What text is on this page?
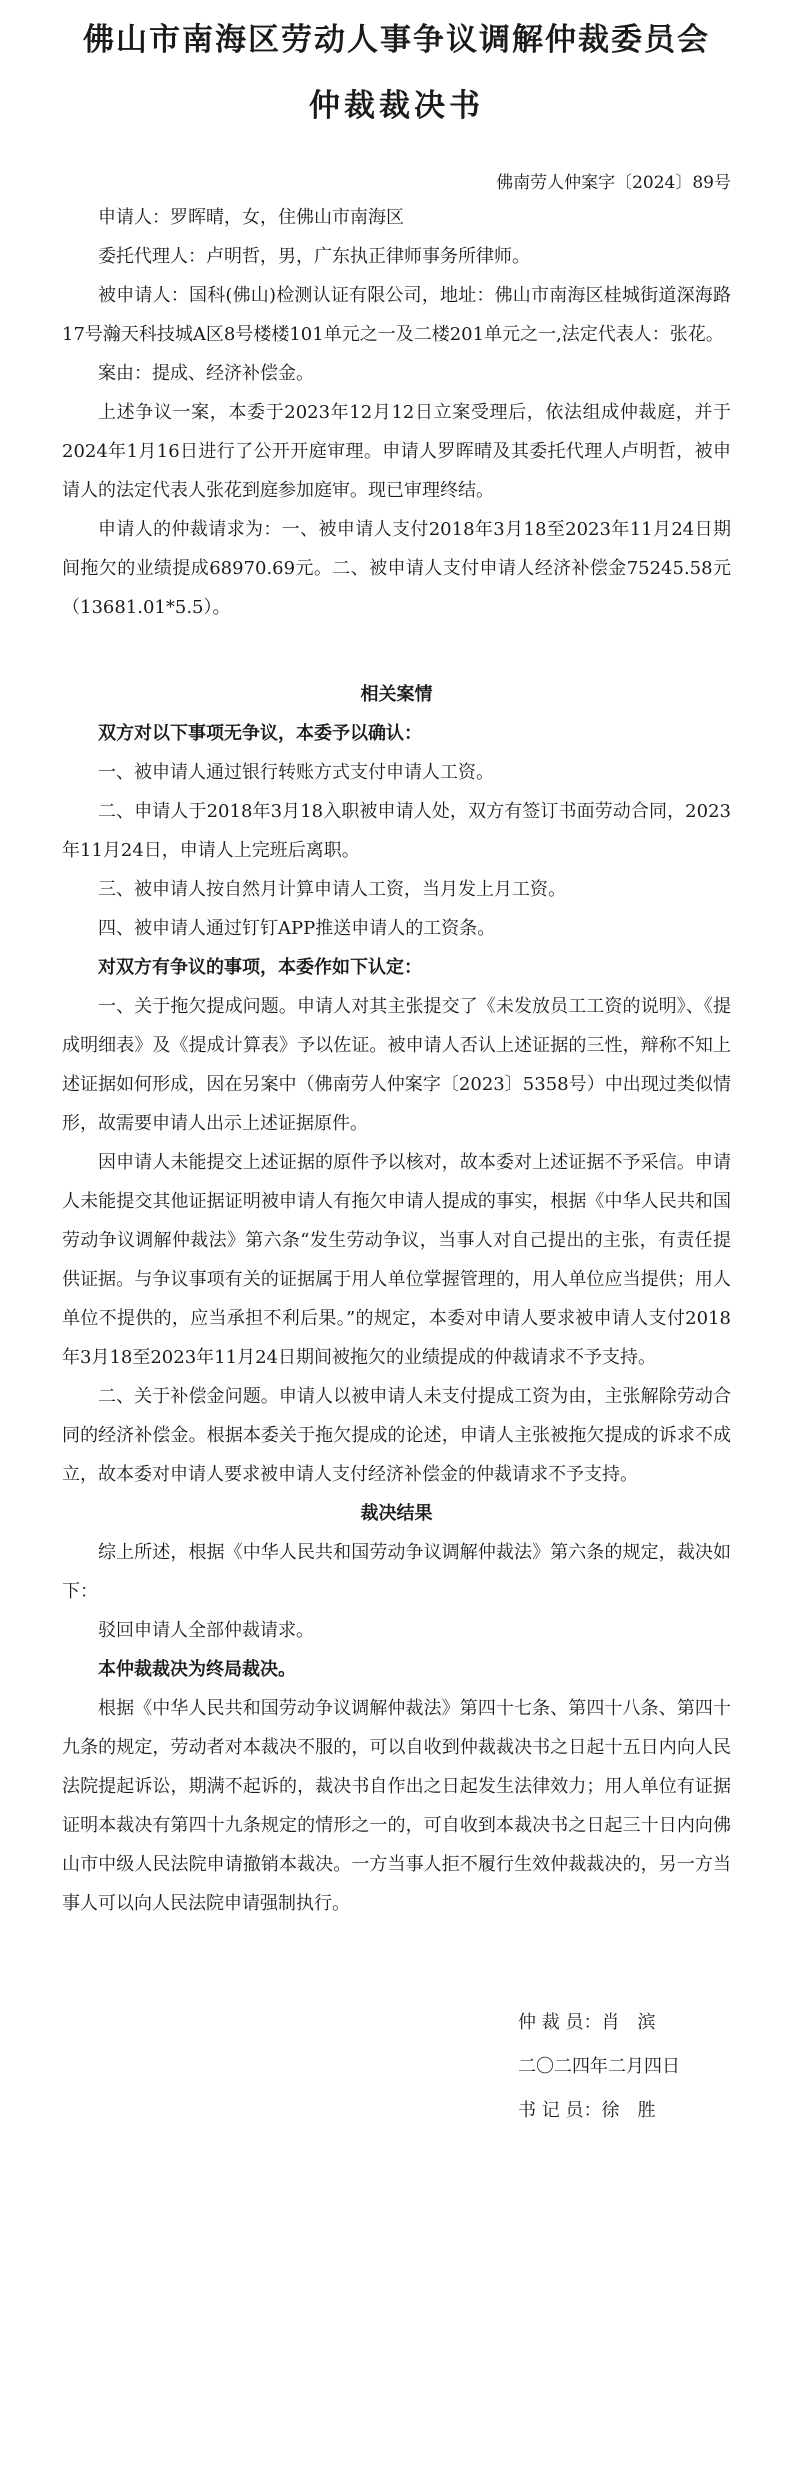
佛山市南海区劳动人事争议调解仲裁委员会
仲裁裁决书
佛南劳人仲案字〔2024〕89号

申请人：罗晖晴，女，住佛山市南海区

委托代理人：卢明哲，男，广东执正律师事务所律师。

被申请人：国科(佛山)检测认证有限公司，地址：佛山市南海区桂城街道深海路17号瀚天科技城A区8号楼楼101单元之一及二楼201单元之一,法定代表人：张花。

案由：提成、经济补偿金。

上述争议一案，本委于2023年12月12日立案受理后，依法组成仲裁庭，并于2024年1月16日进行了公开开庭审理。申请人罗晖晴及其委托代理人卢明哲，被申请人的法定代表人张花到庭参加庭审。现已审理终结。

申请人的仲裁请求为：一、被申请人支付2018年3月18至2023年11月24日期间拖欠的业绩提成68970.69元。二、被申请人支付申请人经济补偿金75245.58元（13681.01*5.5）。

相关案情

双方对以下事项无争议，本委予以确认：

一、被申请人通过银行转账方式支付申请人工资。

二、申请人于2018年3月18入职被申请人处，双方有签订书面劳动合同，2023年11月24日，申请人上完班后离职。

三、被申请人按自然月计算申请人工资，当月发上月工资。

四、被申请人通过钉钉APP推送申请人的工资条。

对双方有争议的事项，本委作如下认定：

一、关于拖欠提成问题。申请人对其主张提交了《未发放员工工资的说明》、《提成明细表》及《提成计算表》予以佐证。被申请人否认上述证据的三性，辩称不知上述证据如何形成，因在另案中（佛南劳人仲案字〔2023〕5358号）中出现过类似情形，故需要申请人出示上述证据原件。

因申请人未能提交上述证据的原件予以核对，故本委对上述证据不予采信。申请人未能提交其他证据证明被申请人有拖欠申请人提成的事实，根据《中华人民共和国劳动争议调解仲裁法》第六条“发生劳动争议，当事人对自己提出的主张，有责任提供证据。与争议事项有关的证据属于用人单位掌握管理的，用人单位应当提供；用人单位不提供的，应当承担不利后果。”的规定，本委对申请人要求被申请人支付2018年3月18至2023年11月24日期间被拖欠的业绩提成的仲裁请求不予支持。

二、关于补偿金问题。申请人以被申请人未支付提成工资为由，主张解除劳动合同的经济补偿金。根据本委关于拖欠提成的论述，申请人主张被拖欠提成的诉求不成立，故本委对申请人要求被申请人支付经济补偿金的仲裁请求不予支持。

裁决结果

综上所述，根据《中华人民共和国劳动争议调解仲裁法》第六条的规定，裁决如下：

驳回申请人全部仲裁请求。

本仲裁裁决为终局裁决。

根据《中华人民共和国劳动争议调解仲裁法》第四十七条、第四十八条、第四十九条的规定，劳动者对本裁决不服的，可以自收到仲裁裁决书之日起十五日内向人民法院提起诉讼，期满不起诉的，裁决书自作出之日起发生法律效力；用人单位有证据证明本裁决有第四十九条规定的情形之一的，可自收到本裁决书之日起三十日内向佛山市中级人民法院申请撤销本裁决。一方当事人拒不履行生效仲裁裁决的，另一方当事人可以向人民法院申请强制执行。

仲 裁 员：肖　滨
二〇二四年二月四日
书 记 员：徐　胜
